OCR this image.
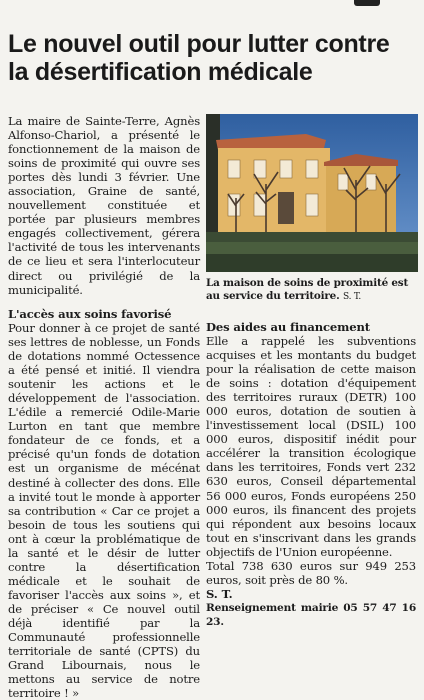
Le nouvel outil pour lutter contre
la désertification médicale

La maire de Sainte-Terre, Agnès Alfonso-Chariol, a présenté le fonctionnement de la maison de soins de proximité qui ouvre ses portes dès lundi 3 février. Une association, Graine de santé, nouvellement constituée et portée par plusieurs membres engagés collectivement, gérera l'activité de tous les intervenants de ce lieu et sera l'interlocuteur direct ou privilégié de la municipalité.

L'accès aux soins favorisé

Pour donner à ce projet de santé ses lettres de noblesse, un Fonds de dotations nommé Octessence a été pensé et initié. Il viendra soutenir les actions et le développement de l'association. L'édile a remercié Odile-Marie Lurton en tant que membre fondateur de ce fonds, et a précisé qu'un fonds de dotation est un organisme de mécénat destiné à collecter des dons. Elle a invité tout le monde à apporter sa contribution « Car ce projet a besoin de tous les soutiens qui ont à cœur la problématique de la santé et le désir de lutter contre la désertification médicale et le souhait de favoriser l'accès aux soins », et de préciser « Ce nouvel outil déjà identifié par la Communauté professionnelle territoriale de santé (CPTS) du Grand Libournais, nous le mettons au service de notre territoire ! »

La maison de soins de proximité est au service du territoire. S. T.
Des aides au financement

Elle a rappelé les subventions acquises et les montants du budget pour la réalisation de cette maison de soins : dotation d'équipement des territoires ruraux (DETR) 100 000 euros, dotation de soutien à l'investissement local (DSIL) 100 000 euros, dispositif inédit pour accélérer la transition écologique dans les territoires, Fonds vert 232 630 euros, Conseil départemental 56 000 euros, Fonds européens 250 000 euros, ils financent des projets qui répondent aux besoins locaux tout en s'inscrivant dans les grands objectifs de l'Union européenne.

Total 738 630 euros sur 949 253 euros, soit près de 80 %.

S. T.

Renseignement mairie 05 57 47 16 23.
